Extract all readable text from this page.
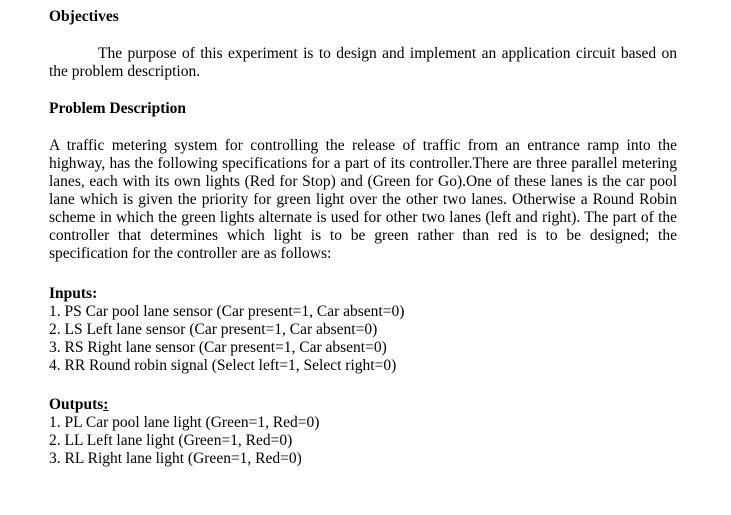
Objectives

The purpose of this experiment is to design and implement an application circuit based on the problem description.

Problem Description

A traffic metering system for controlling the release of traffic from an entrance ramp into the highway, has the following specifications for a part of its controller.There are three parallel metering lanes, each with its own lights (Red for Stop) and (Green for Go).One of these lanes is the car pool lane which is given the priority for green light over the other two lanes. Otherwise a Round Robin scheme in which the green lights alternate is used for other two lanes (left and right). The part of the controller that determines which light is to be green rather than red is to be designed; the specification for the controller are as follows:

Inputs:
1. PS Car pool lane sensor (Car present=1, Car absent=0)
2. LS Left lane sensor (Car present=1, Car absent=0)
3. RS Right lane sensor (Car present=1, Car absent=0)
4. RR Round robin signal (Select left=1, Select right=0)
Outputs:
1. PL Car pool lane light (Green=1, Red=0)
2. LL Left lane light (Green=1, Red=0)
3. RL Right lane light (Green=1, Red=0)
